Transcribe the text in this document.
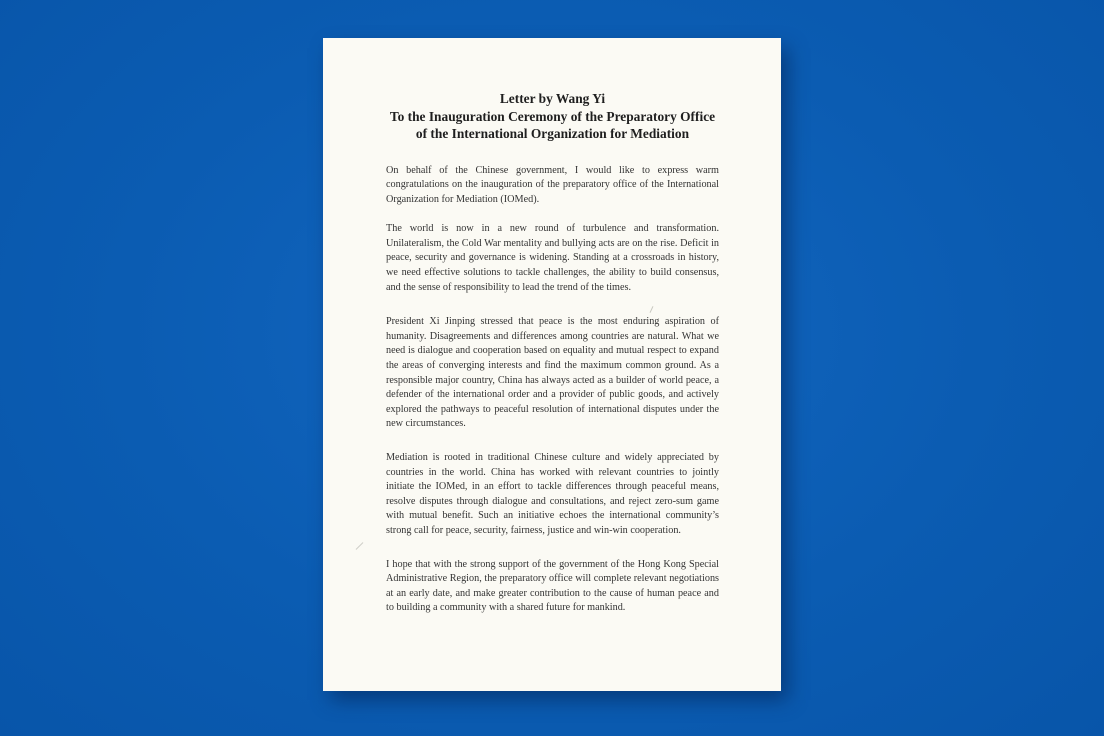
Letter by Wang Yi
To the Inauguration Ceremony of the Preparatory Office
of the International Organization for Mediation

On behalf of the Chinese government, I would like to express warm congratulations on the inauguration of the preparatory office of the International Organization for Mediation (IOMed).

The world is now in a new round of turbulence and transformation. Unilateralism, the Cold War mentality and bullying acts are on the rise. Deficit in peace, security and governance is widening. Standing at a crossroads in history, we need effective solutions to tackle challenges, the ability to build consensus, and the sense of responsibility to lead the trend of the times.

President Xi Jinping stressed that peace is the most enduring aspiration of humanity. Disagreements and differences among countries are natural. What we need is dialogue and cooperation based on equality and mutual respect to expand the areas of converging interests and find the maximum common ground. As a responsible major country, China has always acted as a builder of world peace, a defender of the international order and a provider of public goods, and actively explored the pathways to peaceful resolution of international disputes under the new circumstances.

Mediation is rooted in traditional Chinese culture and widely appreciated by countries in the world. China has worked with relevant countries to jointly initiate the IOMed, in an effort to tackle differences through peaceful means, resolve disputes through dialogue and consultations, and reject zero-sum game with mutual benefit. Such an initiative echoes the international community’s strong call for peace, security, fairness, justice and win-win cooperation.

I hope that with the strong support of the government of the Hong Kong Special Administrative Region, the preparatory office will complete relevant negotiations at an early date, and make greater contribution to the cause of human peace and to building a community with a shared future for mankind.
